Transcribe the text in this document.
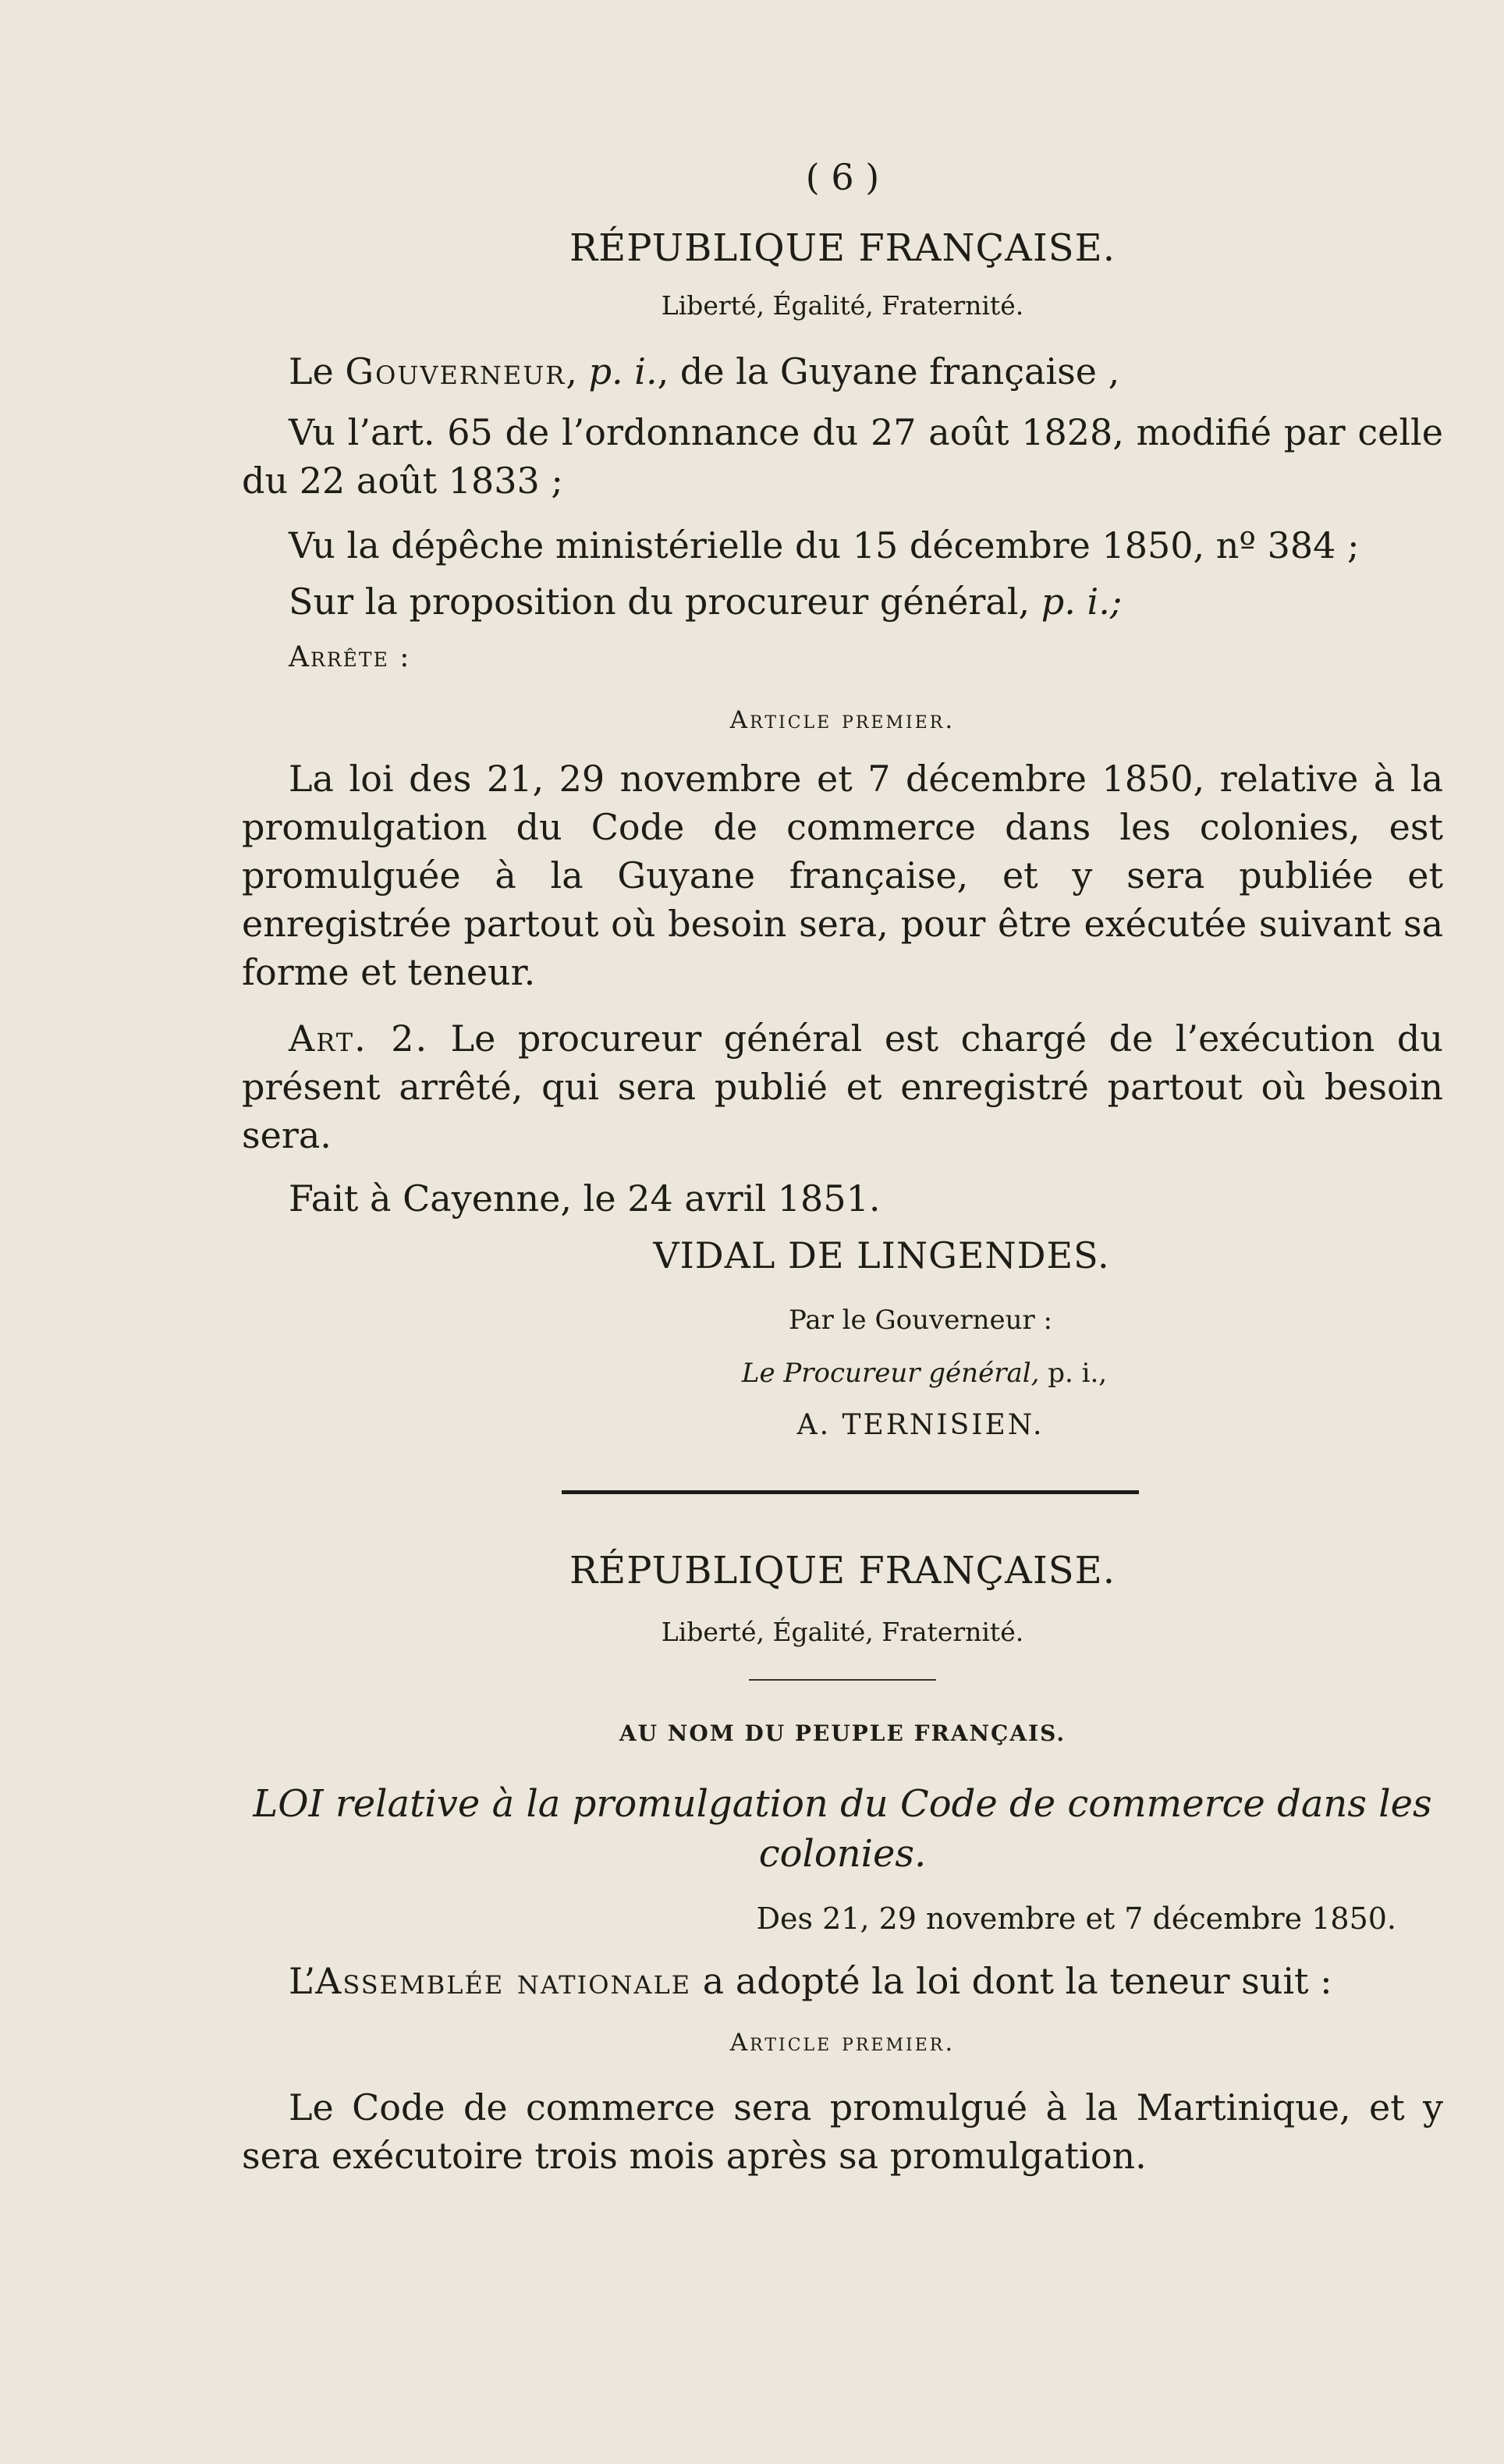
( 6 )
RÉPUBLIQUE FRANÇAISE.
Liberté, Égalité, Fraternité.
Le Gouverneur, p. i., de la Guyane française ,
Vu l’art. 65 de l’ordonnance du 27 août 1828, modifié par celle du 22 août 1833 ;
Vu la dépêche ministérielle du 15 décembre 1850, nº 384 ;
Sur la proposition du procureur général, p. i.;
Arrête :
Article premier.
La loi des 21, 29 novembre et 7 décembre 1850, relative à la promulgation du Code de commerce dans les colonies, est promulguée à la Guyane française, et y sera publiée et enregistrée partout où besoin sera, pour être exécutée suivant sa forme et teneur.
Art. 2. Le procureur général est chargé de l’exécution du présent arrêté, qui sera publié et enregistré partout où besoin sera.
Fait à Cayenne, le 24 avril 1851.
VIDAL DE LINGENDES.
Par le Gouverneur :
Le Procureur général, p. i.,
A. TERNISIEN.
RÉPUBLIQUE FRANÇAISE.
Liberté, Égalité, Fraternité.
AU NOM DU PEUPLE FRANÇAIS.
LOI relative à la promulgation du Code de commerce dans les colonies.
Des 21, 29 novembre et 7 décembre 1850.
L’Assemblée nationale a adopté la loi dont la teneur suit :
Article premier.
Le Code de commerce sera promulgué à la Martinique, et y sera exécutoire trois mois après sa promulgation.
